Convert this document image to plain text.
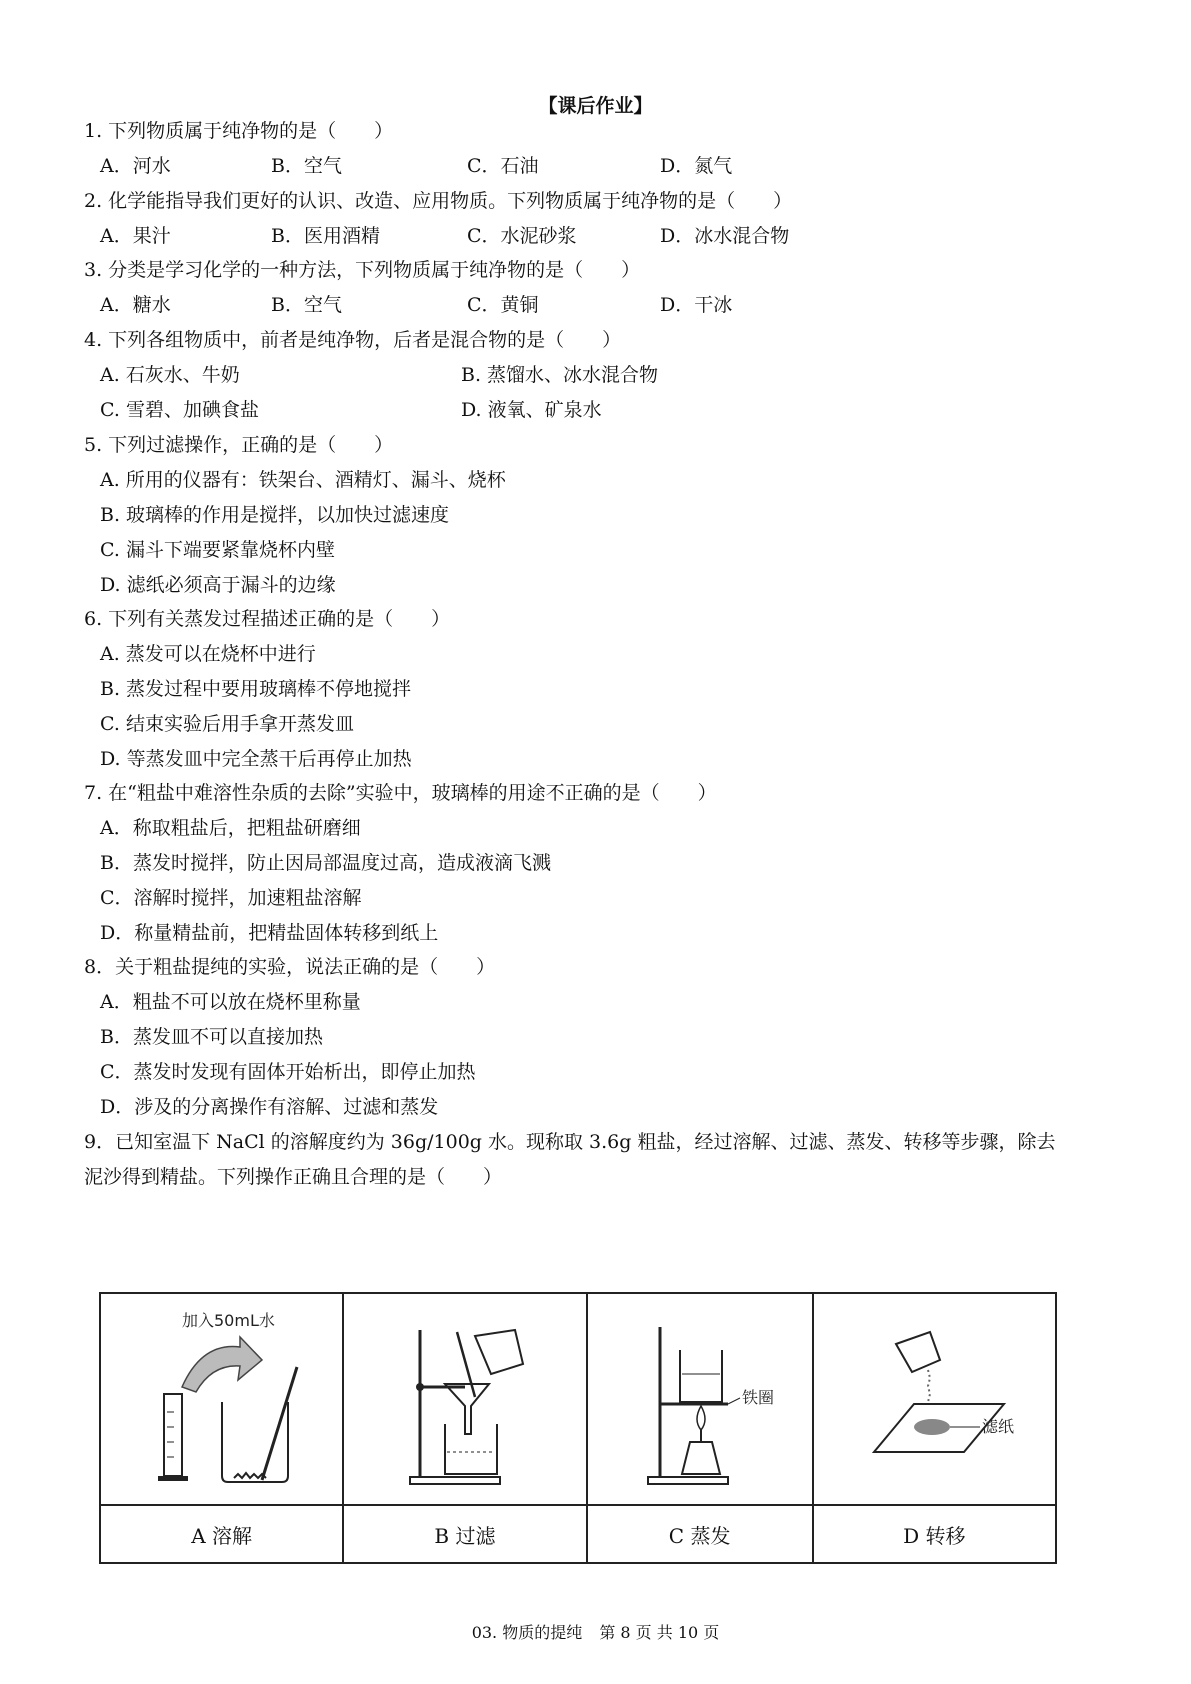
【课后作业】
1. 下列物质属于纯净物的是（　　）
A．河水	B．空气	C．石油	D．氮气
2. 化学能指导我们更好的认识、改造、应用物质。下列物质属于纯净物的是（　　）
A．果汁	B．医用酒精	C．水泥砂浆	D．冰水混合物
3. 分类是学习化学的一种方法，下列物质属于纯净物的是（　　）
A．糖水	B．空气	C．黄铜	D．干冰
4. 下列各组物质中，前者是纯净物，后者是混合物的是（　　）
A. 石灰水、牛奶	B. 蒸馏水、冰水混合物
C. 雪碧、加碘食盐	D. 液氧、矿泉水
5. 下列过滤操作，正确的是（　　）
A. 所用的仪器有：铁架台、酒精灯、漏斗、烧杯
B. 玻璃棒的作用是搅拌，以加快过滤速度
C. 漏斗下端要紧靠烧杯内壁
D. 滤纸必须高于漏斗的边缘
6. 下列有关蒸发过程描述正确的是（　　）
A. 蒸发可以在烧杯中进行
B. 蒸发过程中要用玻璃棒不停地搅拌
C. 结束实验后用手拿开蒸发皿
D. 等蒸发皿中完全蒸干后再停止加热
7. 在“粗盐中难溶性杂质的去除”实验中，玻璃棒的用途不正确的是（　　）
A．称取粗盐后，把粗盐研磨细
B．蒸发时搅拌，防止因局部温度过高，造成液滴飞溅
C．溶解时搅拌，加速粗盐溶解
D．称量精盐前，把精盐固体转移到纸上
8．关于粗盐提纯的实验，说法正确的是（　　）
A．粗盐不可以放在烧杯里称量
B．蒸发皿不可以直接加热
C．蒸发时发现有固体开始析出，即停止加热
D．涉及的分离操作有溶解、过滤和蒸发
9．已知室温下 NaCl 的溶解度约为 36g/100g 水。现称取 3.6g 粗盐，经过溶解、过滤、蒸发、转移等步骤，除去
泥沙得到精盐。下列操作正确且合理的是（　　）
加入50mL水		铁圈	滤纸

A 溶解	B 过滤	C 蒸发	D 转移
03. 物质的提纯 第 8 页 共 10 页
